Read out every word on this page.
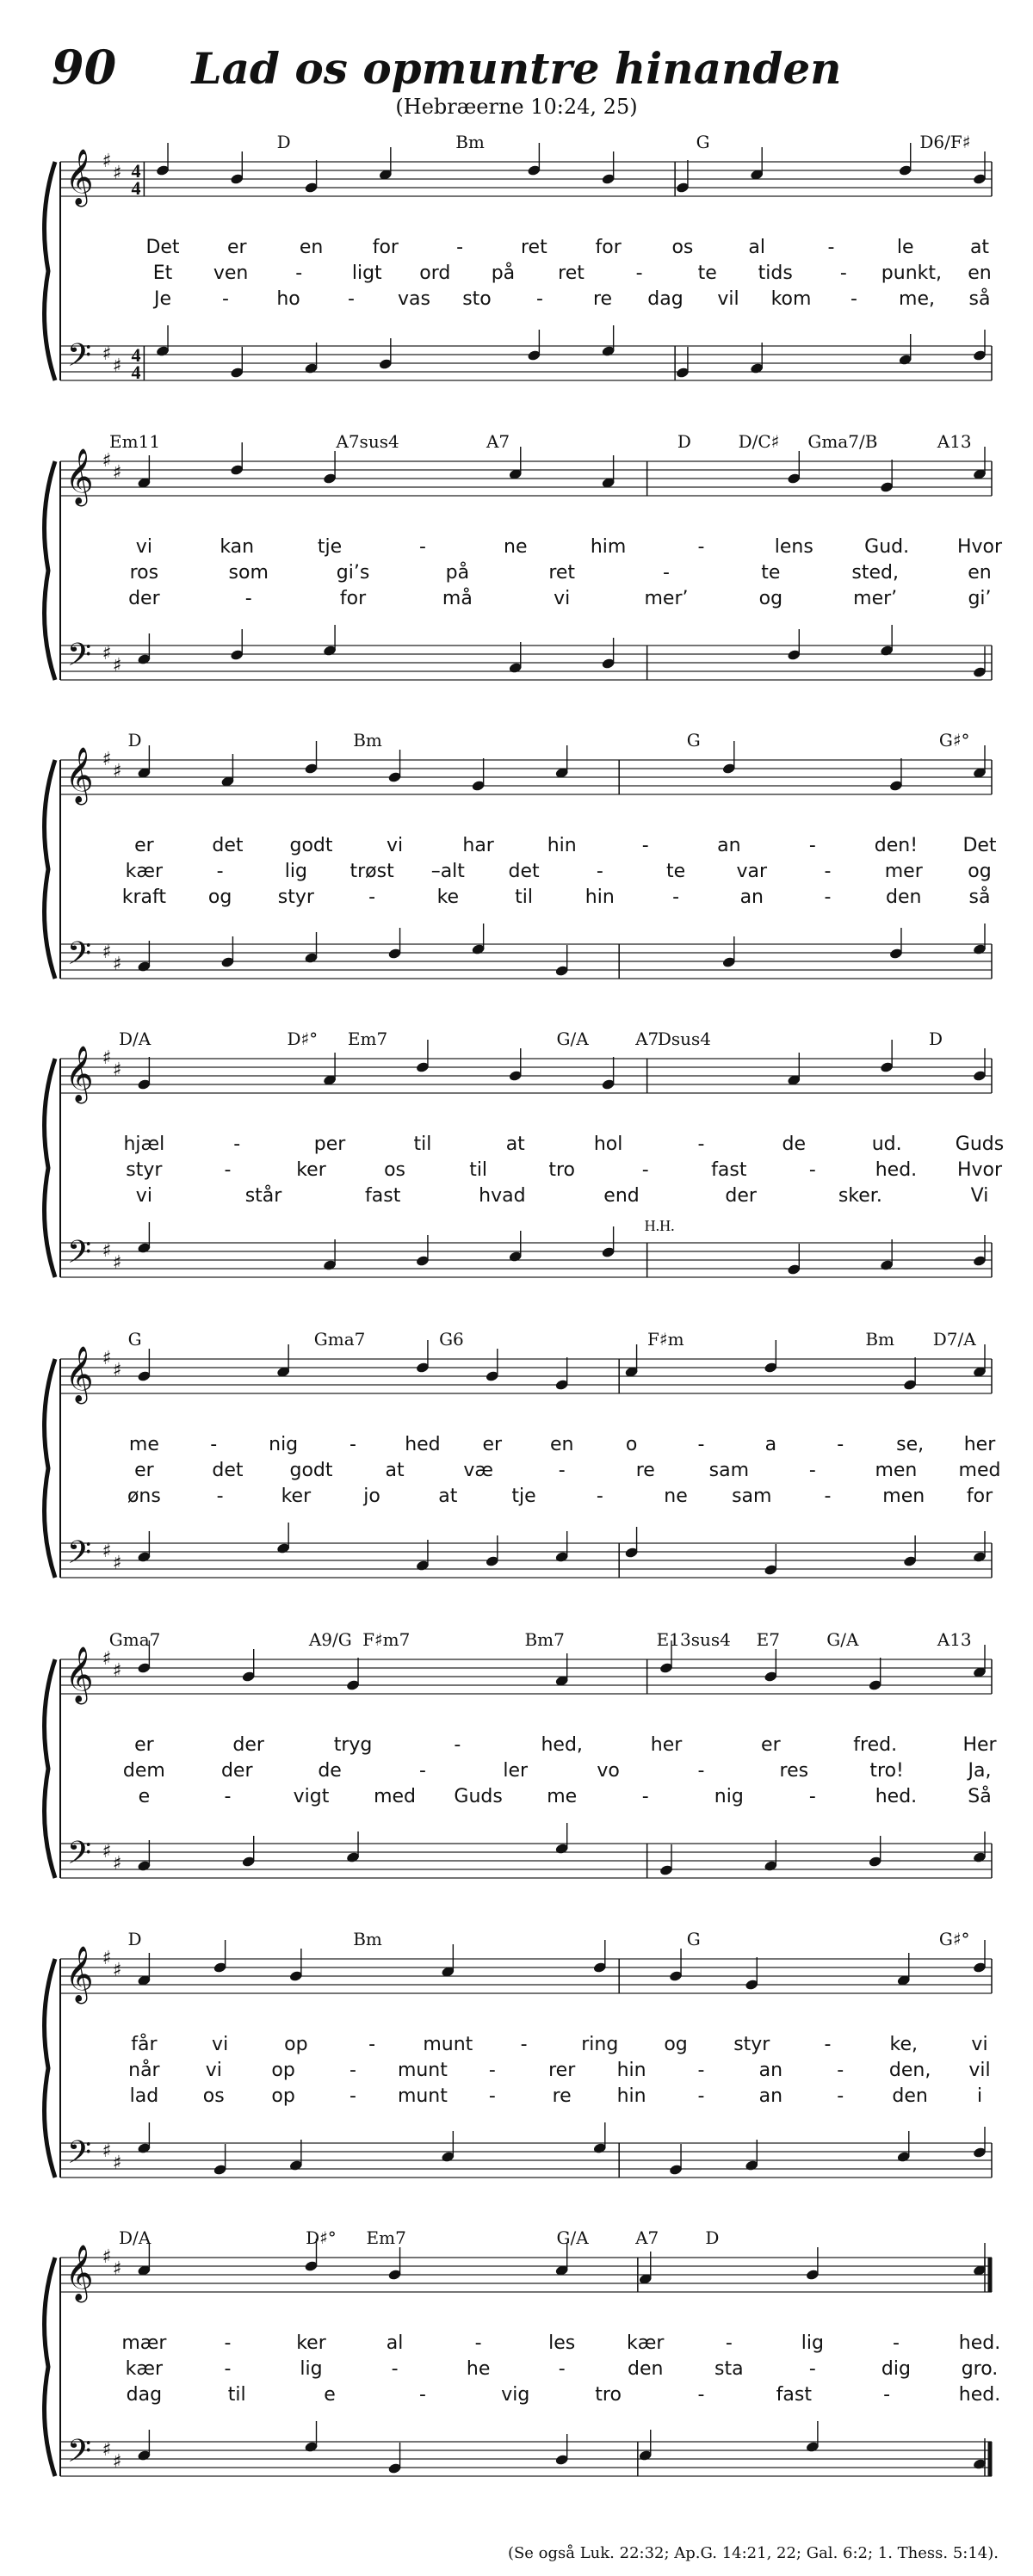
90	Lad os opmuntre hinanden
(Hebræerne 10:24, 25)
D	Bm	G	D6/F♯
𝄞
𝄢
♯
♯
♯
♯
4
4
4
4
Det	er	en	for	-	ret	for	os	al	-	le	at
Et ven -	ligt ord på ret	-	te tids	- punkt, en
Je	-	ho	- vas sto -	re dag vil kom - me, så
Em11	A7sus4	A7	D	D/C♯ Gma7/B	A13
𝄞
𝄢
♯
♯
♯
♯
vi	kan	tje	-	ne	him	-	lens	Gud.	Hvor
ros	som	gi’s	på	ret	-	te	sted,	en
der	-	for	må	vi	mer’	og	mer’	gi’
D	Bm	G	G♯°
𝄞
𝄢
♯
♯
♯
♯
er	det godt	vi	har	hin	-	an	-	den! Det
kær	-	lig trøst –alt det	-	te	var	-	mer og
kraft og styr	-	ke	til	hin	-	an	-	den	så
D/A	D♯° Em7	G/A	A7
Dsus4	D
𝄞
𝄢
♯
♯
♯
♯
H.H.
hjæl	-	per	til	at	hol	-	de	ud.	Guds
styr	-	ker	os	til	tro	-	fast	-	hed. Hvor
vi	står	fast	hvad	end	der	sker.	Vi
G	Gma7	G6	F♯m	Bm D7/A
𝄞
𝄢
♯
♯
♯
♯
me	-	nig	-	hed er	en	o	-	a	-	se, her
er	det godt	at	væ	-	re	sam	-	men med
øns	-	ker	jo	at	tje	-	ne sam	-	men for
Gma7	A9/G F♯m7	Bm7	E13sus4 E7	G/A	A13
𝄞
𝄢
♯
♯
♯
♯
er	der	tryg	-	hed,	her	er	fred.	Her
dem	der	de	-	ler	vo	-	res	tro!	Ja,
e	-	vigt med Guds me	-	nig	-	hed.	Så
D	Bm	G	G♯°
𝄞
𝄢
♯
♯
♯
♯
får	vi	op	-	munt	-	ring og styr	-	ke,	vi
når vi	op	- munt -	rer hin	-	an	- den, vil
lad os op	- munt -	re hin	-	an	-	den	i
D/A	D♯° Em7	G/A	A7	D
𝄞
𝄢
♯
♯
♯
♯
mær	-	ker	al	-	les	kær	-	lig	-	hed.
kær	-	lig	-	he	-	den	sta	-	dig	gro.
dag	til	e	-	vig	tro	-	fast	-	hed.
(Se også Luk. 22:32; Ap.G. 14:21, 22; Gal. 6:2; 1. Thess. 5:14).
